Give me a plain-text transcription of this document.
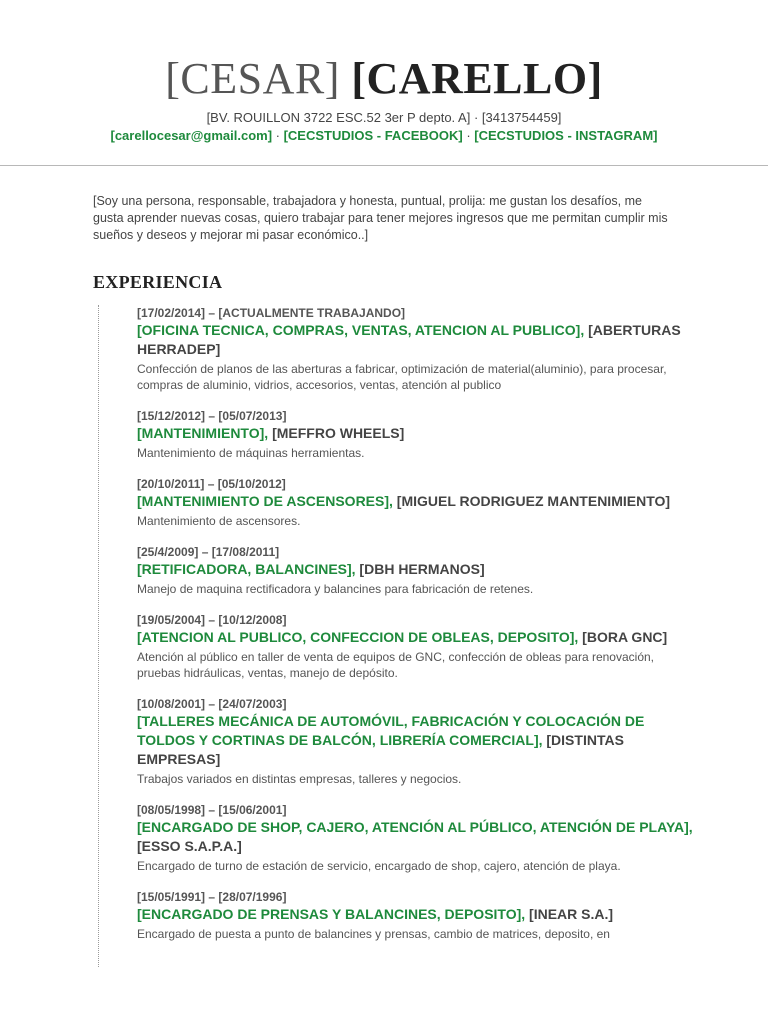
[CESAR] [CARELLO]
[BV. ROUILLON 3722 ESC.52 3er P depto. A] · [3413754459]
[carellocesar@gmail.com] · [CECSTUDIOS - FACEBOOK] · [CECSTUDIOS - INSTAGRAM]
[Soy una persona, responsable, trabajadora y honesta, puntual, prolija: me gustan los desafíos, me gusta aprender nuevas cosas, quiero trabajar para tener mejores ingresos que me permitan cumplir mis sueños y deseos y mejorar mi pasar económico..]
EXPERIENCIA
[17/02/2014] – [ACTUALMENTE TRABAJANDO]
[OFICINA TECNICA, COMPRAS, VENTAS, ATENCION AL PUBLICO], [ABERTURAS HERRADEP]
Confección de planos de las aberturas a fabricar, optimización de material(aluminio), para procesar, compras de aluminio, vidrios, accesorios, ventas, atención al publico
[15/12/2012] – [05/07/2013]
[MANTENIMIENTO], [MEFFRO WHEELS]
Mantenimiento de máquinas herramientas.
[20/10/2011] – [05/10/2012]
[MANTENIMIENTO DE ASCENSORES], [MIGUEL RODRIGUEZ MANTENIMIENTO]
Mantenimiento de ascensores.
[25/4/2009] – [17/08/2011]
[RETIFICADORA, BALANCINES], [DBH HERMANOS]
Manejo de maquina rectificadora y balancines para fabricación de retenes.
[19/05/2004] – [10/12/2008]
[ATENCION AL PUBLICO, CONFECCION DE OBLEAS, DEPOSITO], [BORA GNC]
Atención al público en taller de venta de equipos de GNC, confección de obleas para renovación, pruebas hidráulicas, ventas, manejo de depósito.
[10/08/2001] – [24/07/2003]
[TALLERES MECÁNICA DE AUTOMÓVIL, FABRICACIÓN Y COLOCACIÓN DE TOLDOS Y CORTINAS DE BALCÓN, LIBRERÍA COMERCIAL], [DISTINTAS EMPRESAS]
Trabajos variados en distintas empresas, talleres y negocios.
[08/05/1998] – [15/06/2001]
[ENCARGADO DE SHOP, CAJERO, ATENCIÓN AL PÚBLICO, ATENCIÓN DE PLAYA], [ESSO S.A.P.A.]
Encargado de turno de estación de servicio, encargado de shop, cajero, atención de playa.
[15/05/1991] – [28/07/1996]
[ENCARGADO DE PRENSAS Y BALANCINES, DEPOSITO], [INEAR S.A.]
Encargado de puesta a punto de balancines y prensas, cambio de matrices, deposito, en
